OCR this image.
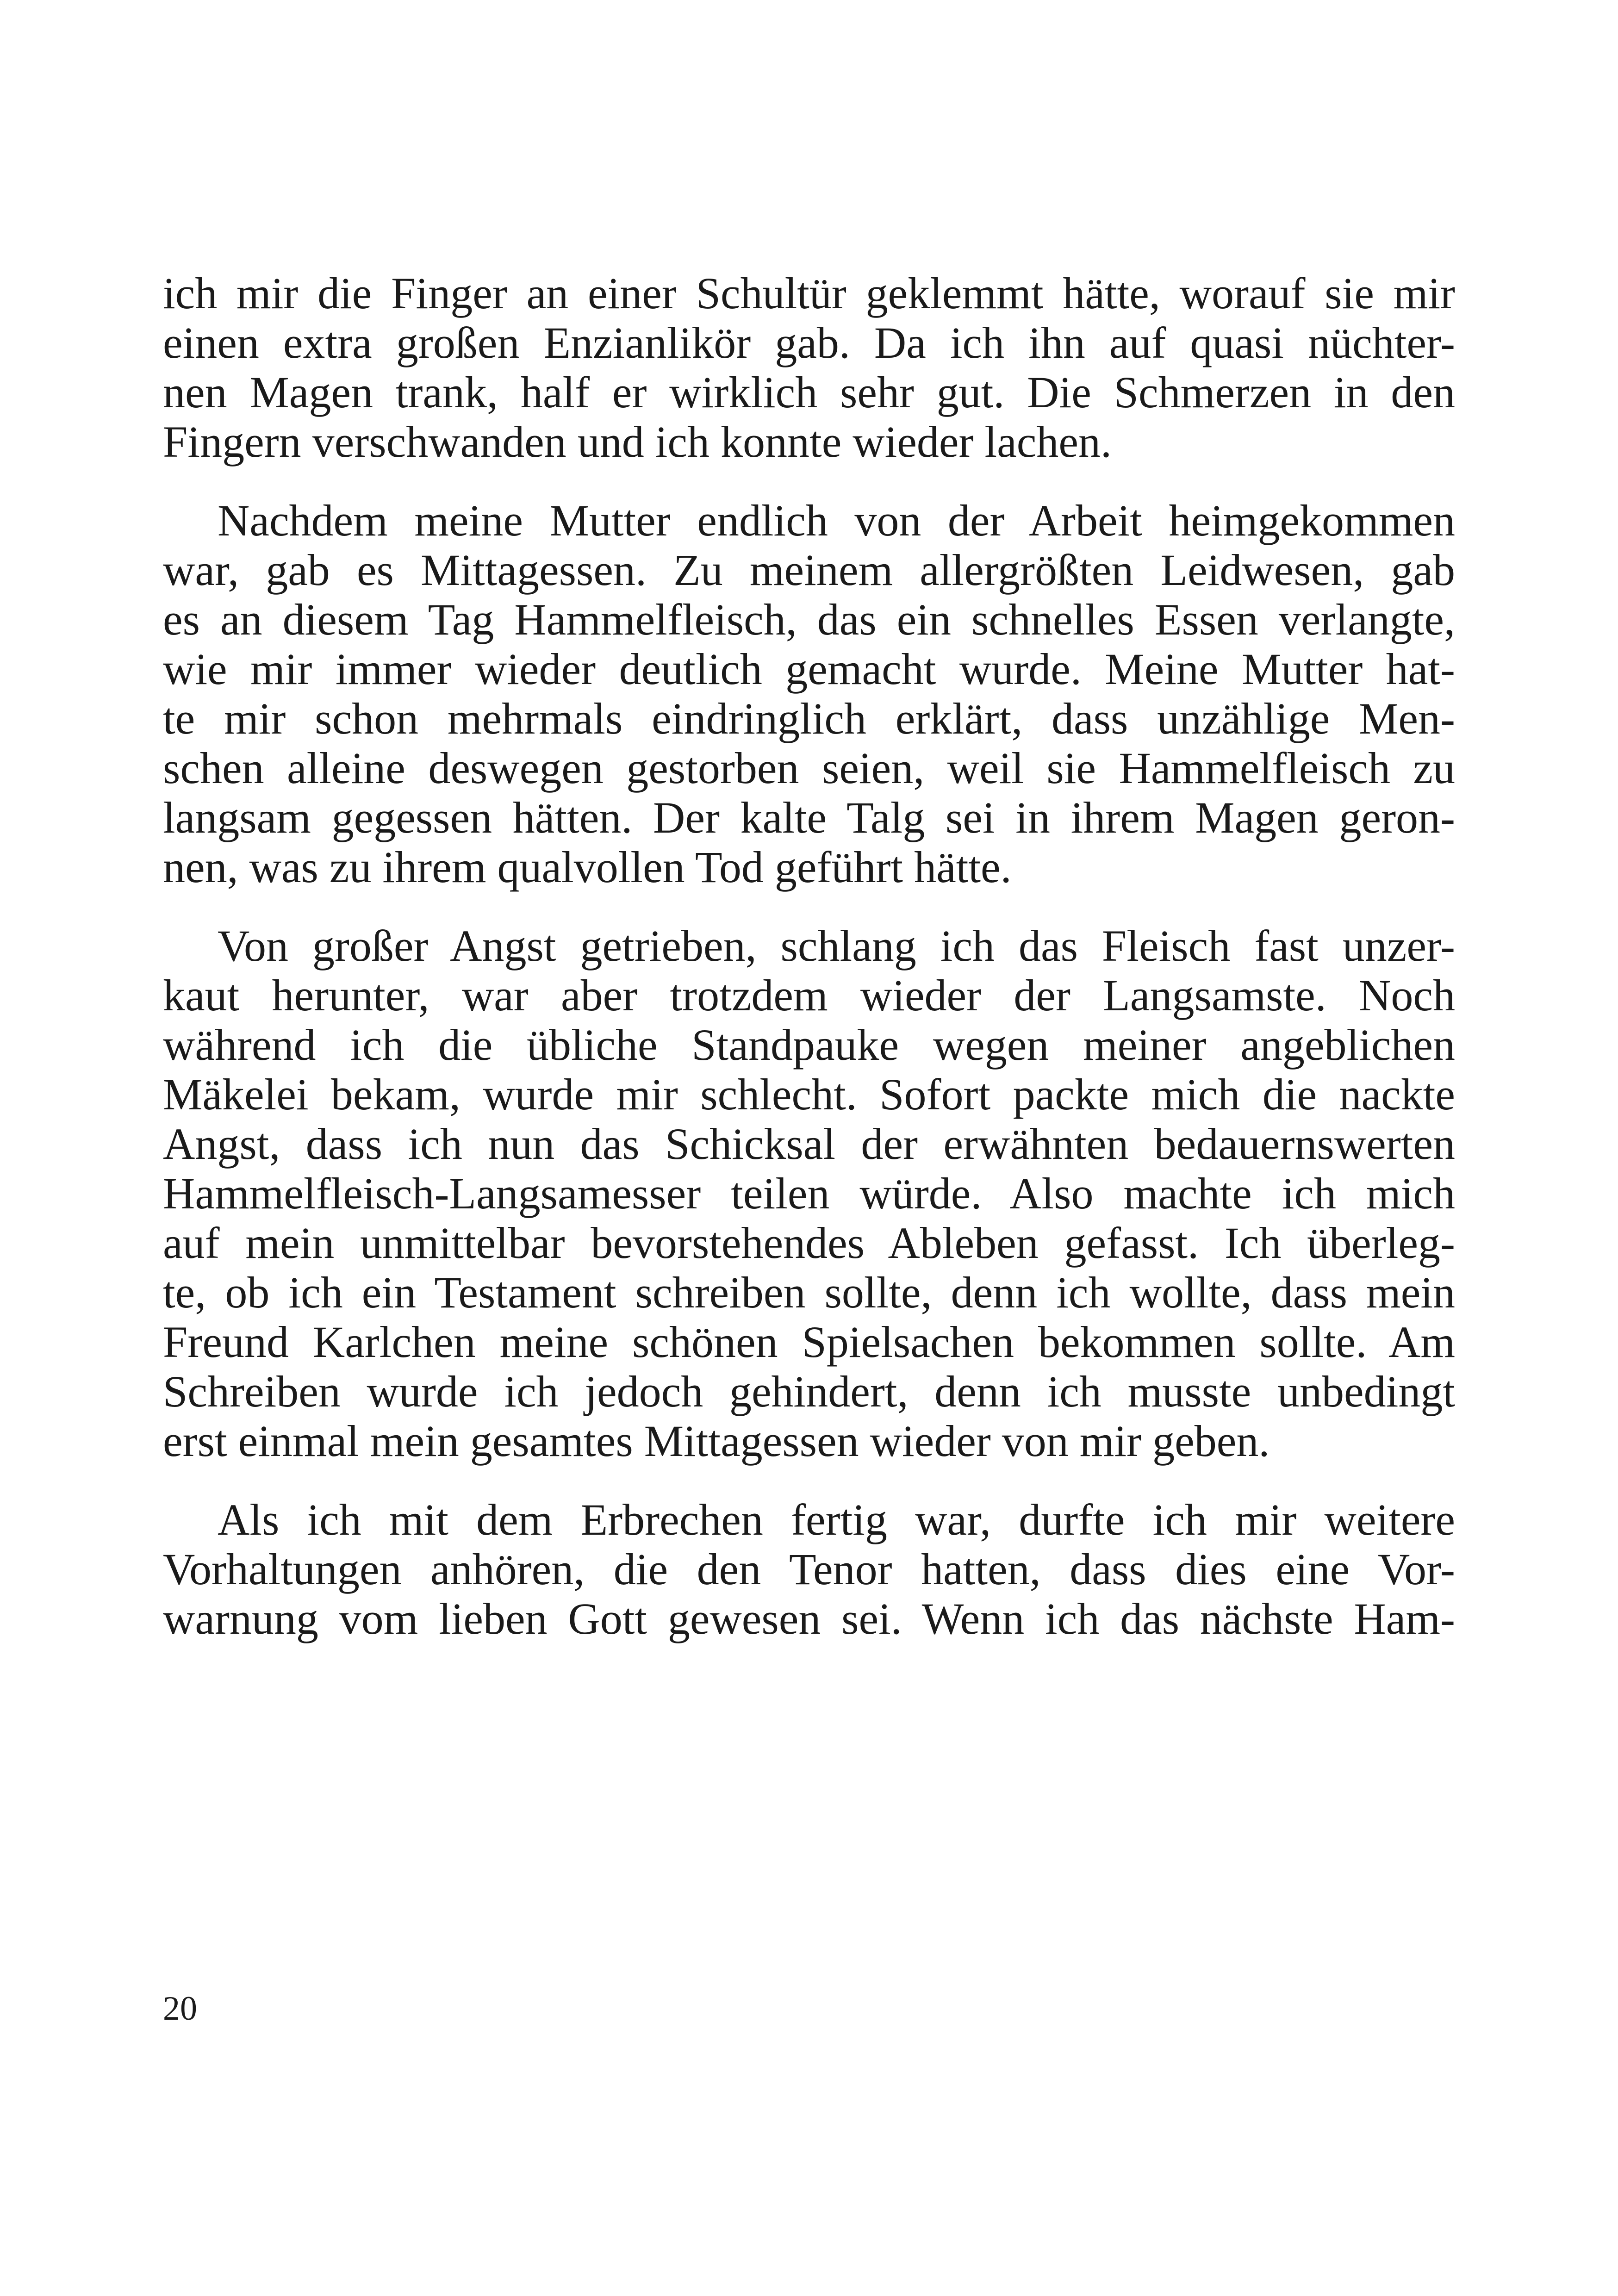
ich mir die Finger an einer Schultür geklemmt hätte, worauf sie mir
einen extra großen Enzianlikör gab. Da ich ihn auf quasi nüchter-
nen Magen trank, half er wirklich sehr gut. Die Schmerzen in den
Fingern verschwanden und ich konnte wieder lachen.
Nachdem meine Mutter endlich von der Arbeit heimgekommen
war, gab es Mittagessen. Zu meinem allergrößten Leidwesen, gab
es an diesem Tag Hammelfleisch, das ein schnelles Essen verlangte,
wie mir immer wieder deutlich gemacht wurde. Meine Mutter hat-
te mir schon mehrmals eindringlich erklärt, dass unzählige Men-
schen alleine deswegen gestorben seien, weil sie Hammelfleisch zu
langsam gegessen hätten. Der kalte Talg sei in ihrem Magen geron-
nen, was zu ihrem qualvollen Tod geführt hätte.
Von großer Angst getrieben, schlang ich das Fleisch fast unzer-
kaut herunter, war aber trotzdem wieder der Langsamste. Noch
während ich die übliche Standpauke wegen meiner angeblichen
Mäkelei bekam, wurde mir schlecht. Sofort packte mich die nackte
Angst, dass ich nun das Schicksal der erwähnten bedauernswerten
Hammelfleisch-Langsamesser teilen würde. Also machte ich mich
auf mein unmittelbar bevorstehendes Ableben gefasst. Ich überleg-
te, ob ich ein Testament schreiben sollte, denn ich wollte, dass mein
Freund Karlchen meine schönen Spielsachen bekommen sollte. Am
Schreiben wurde ich jedoch gehindert, denn ich musste unbedingt
erst einmal mein gesamtes Mittagessen wieder von mir geben.
Als ich mit dem Erbrechen fertig war, durfte ich mir weitere
Vorhaltungen anhören, die den Tenor hatten, dass dies eine Vor-
warnung vom lieben Gott gewesen sei. Wenn ich das nächste Ham-
20
